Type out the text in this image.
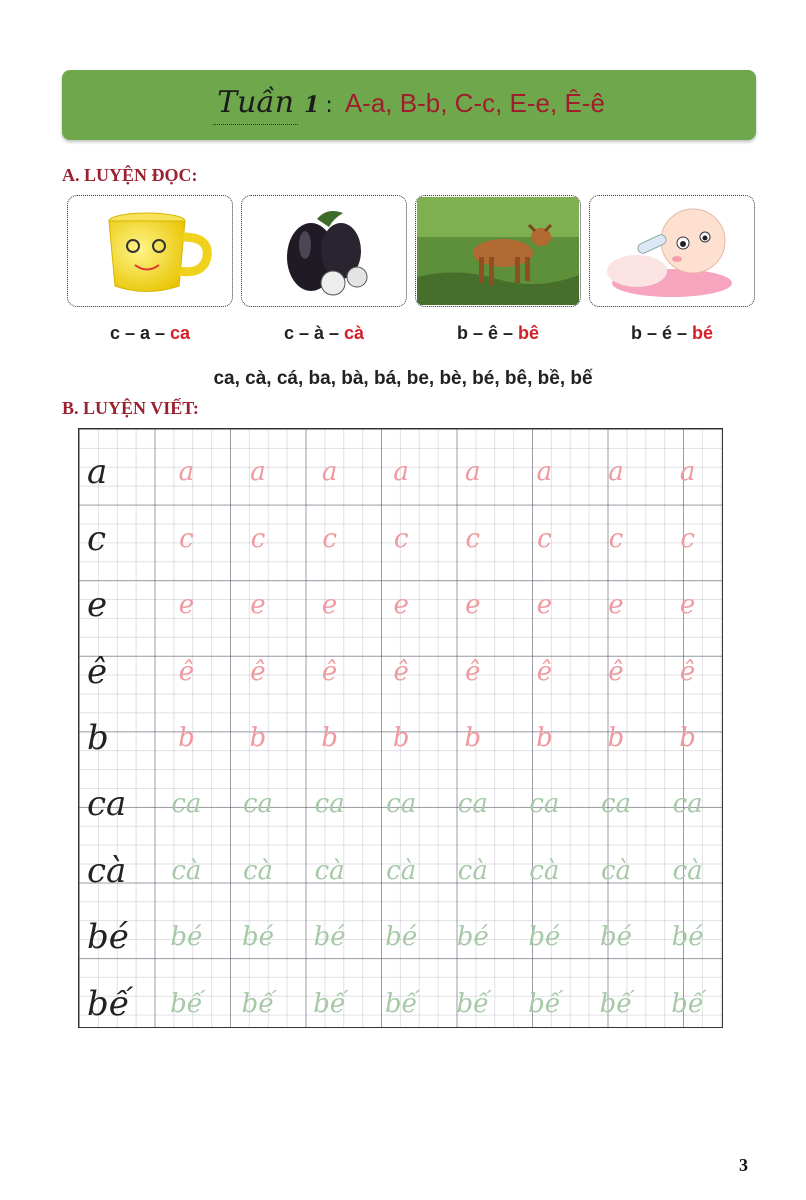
Tuần 1 : A-a, B-b, C-c, E-e, Ê-ê
A. LUYỆN ĐỌC:
c – a – ca	c – à – cà	b – ê – bê	b – é – bé
ca, cà, cá, ba, bà, bá, be, bè, bé, bê, bề, bế
B. LUYỆN VIẾT:
a	a	a	a	a	a	a	a	a
c	c	c	c	c	c	c	c	c
e	e	e	e	e	e	e	e	e
ê	ê	ê	ê	ê	ê	ê	ê	ê
b	b	b	b	b	b	b	b	b
ca	ca	ca	ca	ca	ca	ca	ca	ca
cà	cà	cà	cà	cà	cà	cà	cà	cà
bé	bé	bé	bé	bé	bé	bé	bé	bé
bế	bế	bế	bế	bế	bế	bế	bế	bế
3
